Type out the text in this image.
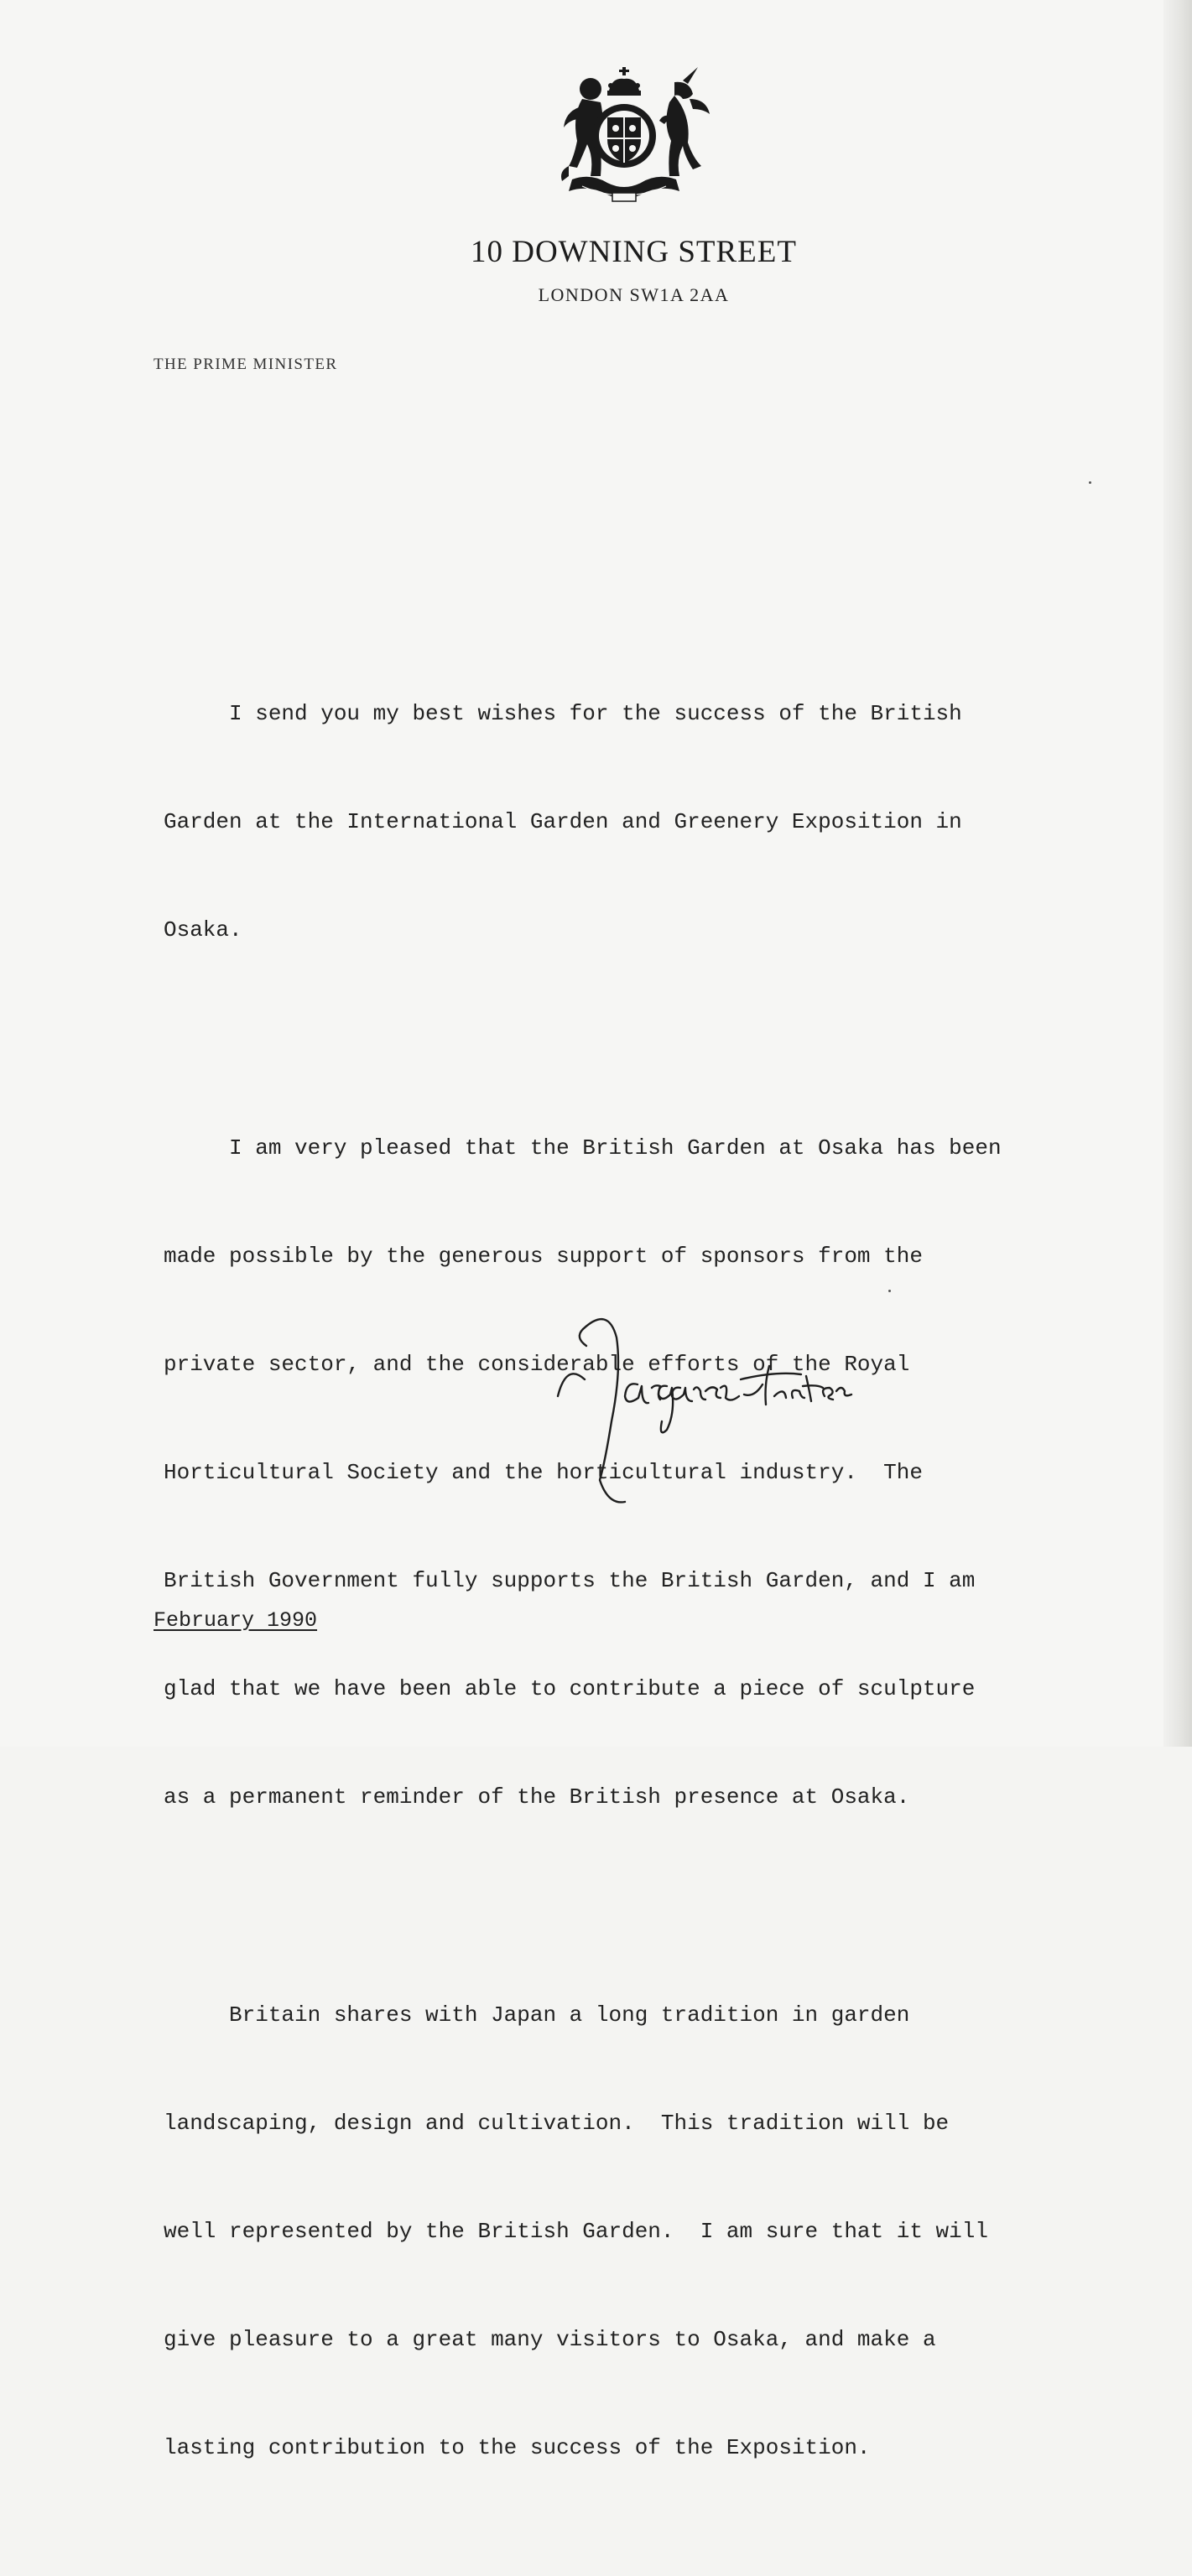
10 DOWNING STREET
LONDON SW1A 2AA
THE PRIME MINISTER

I send you my best wishes for the success of the British

Garden at the International Garden and Greenery Exposition in

Osaka.

I am very pleased that the British Garden at Osaka has been

made possible by the generous support of sponsors from the

private sector, and the considerable efforts of the Royal

Horticultural Society and the horticultural industry.  The

British Government fully supports the British Garden, and I am

glad that we have been able to contribute a piece of sculpture

as a permanent reminder of the British presence at Osaka.

Britain shares with Japan a long tradition in garden

landscaping, design and cultivation.  This tradition will be

well represented by the British Garden.  I am sure that it will

give pleasure to a great many visitors to Osaka, and make a

lasting contribution to the success of the Exposition.

February 1990
